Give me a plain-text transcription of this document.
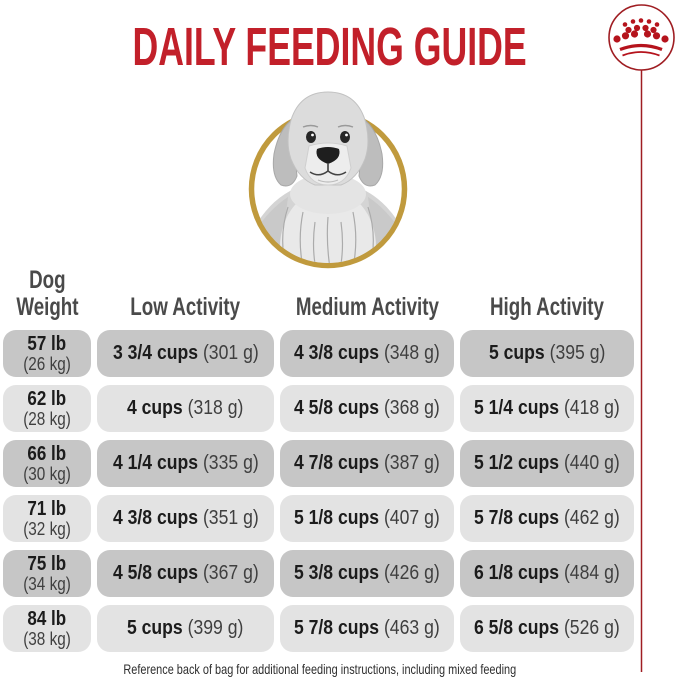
DAILY FEEDING GUIDE
Dog
Weight Low Activity Medium Activity High Activity
57 lb
(26 kg) 3 3/4 cups (301 g) 4 3/8 cups (348 g) 5 cups (395 g)
62 lb
(28 kg)	4 cups (318 g)	4 5/8 cups (368 g) 5 1/4 cups (418 g)
66 lb
(30 kg) 4 1/4 cups (335 g) 4 7/8 cups (387 g) 5 1/2 cups (440 g)
71 lb
(32 kg) 4 3/8 cups (351 g) 5 1/8 cups (407 g) 5 7/8 cups (462 g)
75 lb
(34 kg) 4 5/8 cups (367 g) 5 3/8 cups (426 g) 6 1/8 cups (484 g)
84 lb
(38 kg)	5 cups (399 g)	5 7/8 cups (463 g) 6 5/8 cups (526 g)
Reference back of bag for additional feeding instructions, including mixed feeding
